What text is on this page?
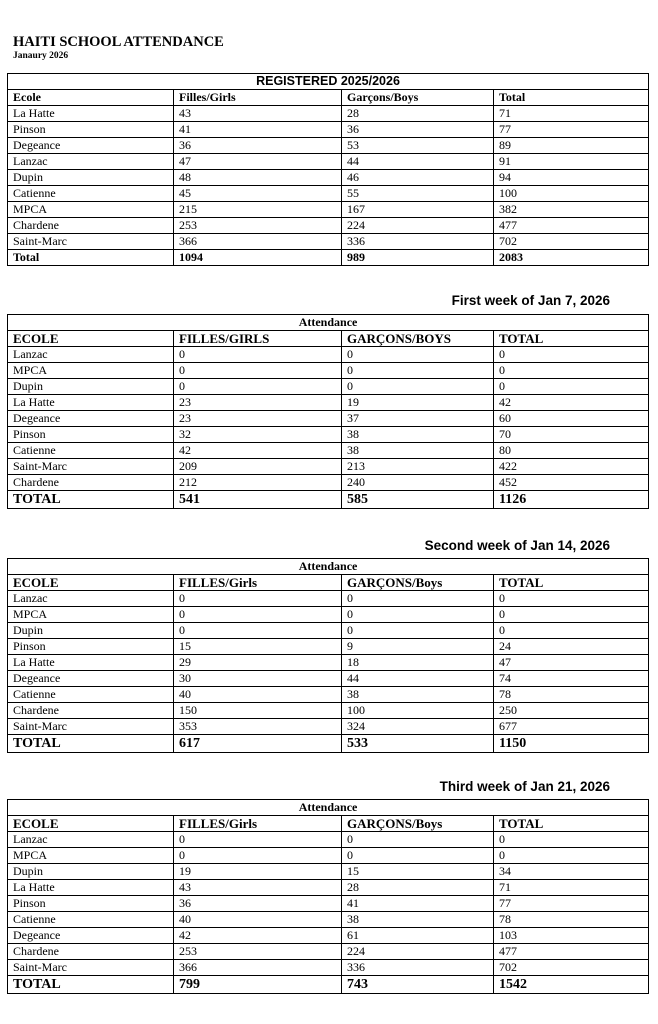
HAITI SCHOOL ATTENDANCE
Janaury 2026
REGISTERED 2025/2026			
Ecole	Filles/Girls	Garçons/Boys	Total
La Hatte	43	28	71
Pinson	41	36	77
Degeance	36	53	89
Lanzac	47	44	91
Dupin	48	46	94
Catienne	45	55	100
MPCA	215	167	382
Chardene	253	224	477
Saint-Marc	366	336	702
Total	1094	989	2083
First week of Jan 7, 2026
Attendance			
ECOLE	FILLES/GIRLS	GARÇONS/BOYS	TOTAL
Lanzac	0	0	0
MPCA	0	0	0
Dupin	0	0	0
La Hatte	23	19	42
Degeance	23	37	60
Pinson	32	38	70
Catienne	42	38	80
Saint-Marc	209	213	422
Chardene	212	240	452
TOTAL	541	585	1126
Second week of Jan 14, 2026
Attendance			
ECOLE	FILLES/Girls	GARÇONS/Boys	TOTAL
Lanzac	0	0	0
MPCA	0	0	0
Dupin	0	0	0
Pinson	15	9	24
La Hatte	29	18	47
Degeance	30	44	74
Catienne	40	38	78
Chardene	150	100	250
Saint-Marc	353	324	677
TOTAL	617	533	1150
Third week of Jan 21, 2026
Attendance			
ECOLE	FILLES/Girls	GARÇONS/Boys	TOTAL
Lanzac	0	0	0
MPCA	0	0	0
Dupin	19	15	34
La Hatte	43	28	71
Pinson	36	41	77
Catienne	40	38	78
Degeance	42	61	103
Chardene	253	224	477
Saint-Marc	366	336	702
TOTAL	799	743	1542
